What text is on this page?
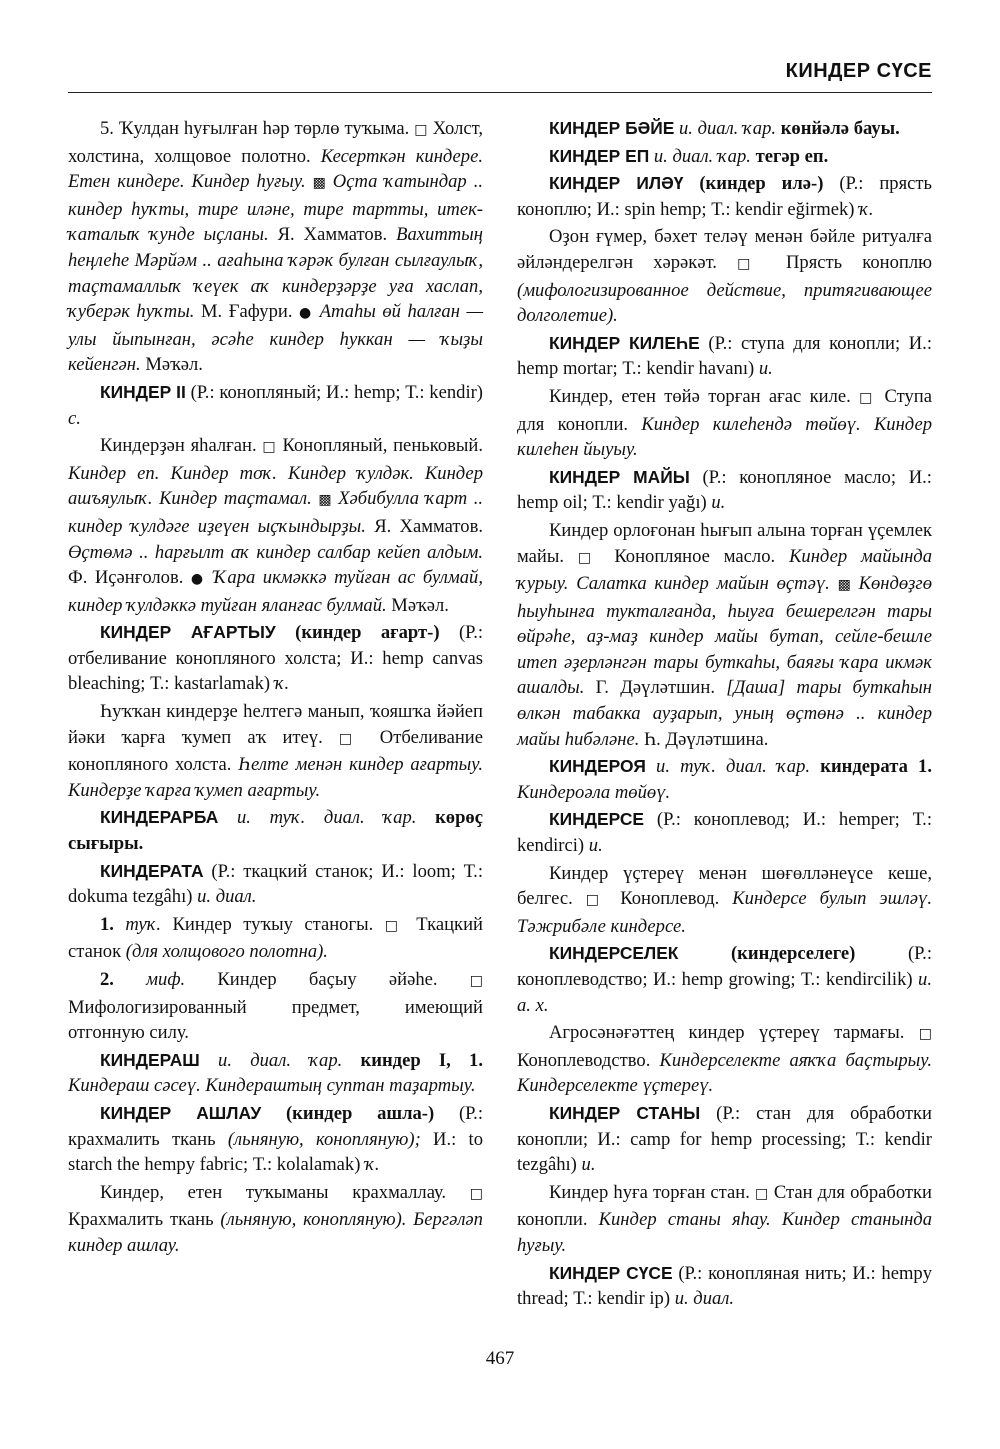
КИНДЕР СҮСЕ

5. Ҡулдан һуғылған һәр төрлө туҡыма. □ Холст, холстина, холщовое полотно. Кесерткән киндере. Етен киндере. Киндер һуғыу. ▩ Оҫта ҡатындар .. киндер һуҡты, тире иләне, тире тартты, итек-ҡаталыҡ ҡунде ыҫланы. Я. Хамматов. Вахиттың һеңлеһе Мәрйәм .. ағаһына ҡәрәк булған сылғаулыҡ, таҫтамаллыҡ ҡеүек аҡ киндерҙәрҙе уға хаслап, ҡуберәк һуҡты. М. Ғафури. ● Атаһы өй һалған — улы йыпынған, әсәһе киндер һуккан — ҡыҙы кейенгән. Мәҡәл.

КИНДЕР II (Р.: конопляный; И.: hemp; Т.: kendir) с.

Киндерҙән яһалған. □ Конопляный, пеньковый. Киндер еп. Киндер тоҡ. Киндер ҡулдәк. Киндер ашъяулыҡ. Киндер таҫтамал. ▩ Хәбибулла ҡарт .. киндер ҡулдәге иҙеүен ыҫҡындырҙы. Я. Хамматов. Өҫтөмә .. һарғылт аҡ киндер салбар кейеп алдым. Ф. Иҫәнғолов. ● Ҡара икмәккә туйған ас булмай, киндер ҡулдәккә туйған яланғас булмай. Мәҡәл.

КИНДЕР АҒАРТЫУ (киндер ағарт-) (Р.: отбеливание конопляного холста; И.: hemp canvas bleaching; Т.: kastarlamak) ҡ.

Һуҡҡан киндерҙе һелтегә манып, ҡояшҡа йәйеп йәки ҡарға ҡумеп аҡ итеү. □ Отбеливание конопляного холста. Һелте менән киндер ағартыу. Киндерҙе ҡарға ҡумеп ағартыу.

КИНДЕРАРБА и. туҡ. диал. ҡар. көрөҫ сығыры.

КИНДЕРАТА (Р.: ткацкий станок; И.: loom; Т.: dokuma tezgâhı) и. диал.

1. туҡ. Киндер туҡыу станогы. □ Ткацкий станок (для холщового полотна).

2. миф. Киндер баҫыу әйәһе. □ Мифологизированный предмет, имеющий отгонную силу.

КИНДЕРАШ и. диал. ҡар. киндер I, 1. Киндераш сәсеү. Киндераштың суптан таҙартыу.

КИНДЕР АШЛАУ (киндер ашла-) (Р.: крахмалить ткань (льняную, конопляную); И.: to starch the hempy fabric; Т.: kolalamak) ҡ.

Киндер, етен туҡыманы крахмаллау. □ Крахмалить ткань (льняную, конопляную). Бергәләп киндер ашлау.

КИНДЕР БӘЙЕ и. диал. ҡар. көнйәлә бауы.

КИНДЕР ЕП и. диал. ҡар. тегәр еп.

КИНДЕР ИЛӘҮ (киндер илә-) (Р.: прясть коноплю; И.: spin hemp; Т.: kendir eğirmek) ҡ.

Оҙон ғүмер, бәхет теләү менән бәйле ритуалға әйләндерелгән хәрәкәт. □ Прясть коноплю (мифологизированное действие, притягивающее долголетие).

КИНДЕР КИЛЕҺЕ (Р.: ступа для конопли; И.: hemp mortar; Т.: kendir havanı) и.

Киндер, етен төйә торған ағас киле. □ Ступа для конопли. Киндер килеһендә төйөү. Киндер килеһен йыуыу.

КИНДЕР МАЙЫ (Р.: конопляное масло; И.: hemp oil; Т.: kendir yağı) и.

Киндер орлоғонан һығып алына торған үҫемлек майы. □ Конопляное масло. Киндер майында ҡурыу. Салатка киндер майын өҫтәү. ▩ Көндөҙгө һыуһынға тукталғанда, һыуға бешерелгән тары өйрәһе, аҙ-маҙ киндер майы бутап, сейле-бешле итеп әҙерләнгән тары буткаһы, баяғы ҡара икмәк ашалды. Г. Дәүләтшин. [Даша] тары буткаһын өлкән табакка ауҙарып, уның өҫтөнә .. киндер майы һибәләне. Һ. Дәүләтшина.

КИНДЕРОЯ и. туҡ. диал. ҡар. киндерата 1. Киндероәла төйөү.

КИНДЕРСЕ (Р.: коноплевод; И.: hemper; Т.: kendirci) и.

Киндер үҫтереү менән шөғөлләнеүсе кеше, белгес. □ Коноплевод. Киндерсе булып эшләү. Тәжрибәле киндерсе.

КИНДЕРСЕЛЕК	(киндерселеге)	(Р.: коноплеводство; И.: hemp growing; Т.: kendircilik) и. а. х.

Агросәнәғәттең киндер үҫтереү тармағы. □ Коноплеводство. Киндерселекте аяҡҡа баҫтырыу. Киндерселекте үҫтереү.

КИНДЕР СТАНЫ (Р.: стан для обработки конопли; И.: camp for hemp processing; Т.: kendir tezgâhı) и.

Киндер һуға торған стан. □ Стан для обработки конопли. Киндер станы яһау. Киндер станында һуғыу.

КИНДЕР СҮСЕ (Р.: конопляная нить; И.: hempy thread; Т.: kendir ip) и. диал.

467
